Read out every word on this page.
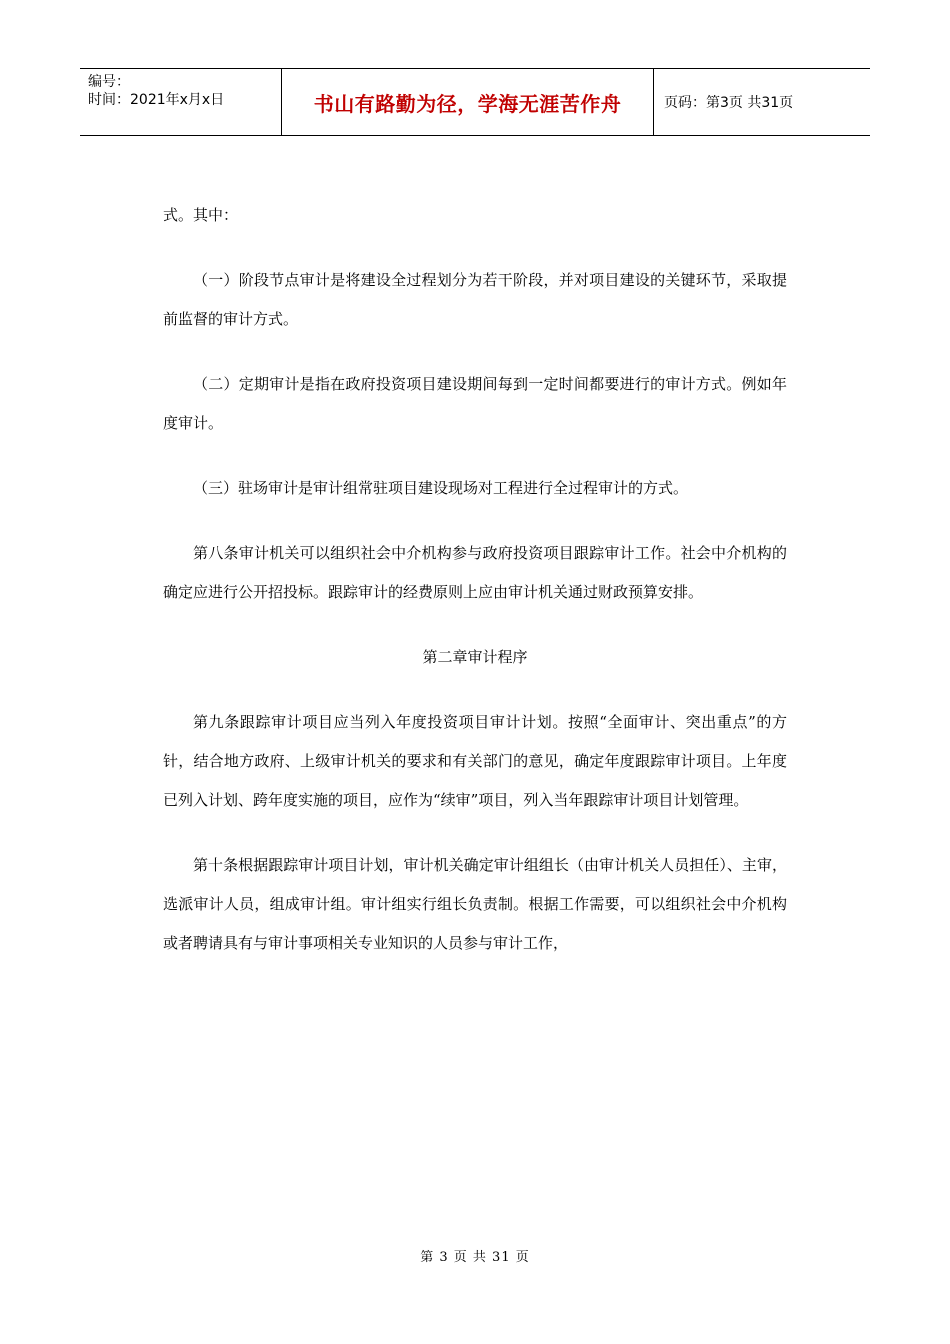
编号：
时间：2021年x月x日	书山有路勤为径，学海无涯苦作舟	页码：第3页 共31页

式。其中：

（一）阶段节点审计是将建设全过程划分为若干阶段，并对项目建设的关键环节，采取提前监督的审计方式。

（二）定期审计是指在政府投资项目建设期间每到一定时间都要进行的审计方式。例如年度审计。

（三）驻场审计是审计组常驻项目建设现场对工程进行全过程审计的方式。

第八条审计机关可以组织社会中介机构参与政府投资项目跟踪审计工作。社会中介机构的确定应进行公开招投标。跟踪审计的经费原则上应由审计机关通过财政预算安排。

第二章审计程序

第九条跟踪审计项目应当列入年度投资项目审计计划。按照“全面审计、突出重点”的方针，结合地方政府、上级审计机关的要求和有关部门的意见，确定年度跟踪审计项目。上年度已列入计划、跨年度实施的项目，应作为“续审”项目，列入当年跟踪审计项目计划管理。

第十条根据跟踪审计项目计划，审计机关确定审计组组长（由审计机关人员担任）、主审，选派审计人员，组成审计组。审计组实行组长负责制。根据工作需要，可以组织社会中介机构或者聘请具有与审计事项相关专业知识的人员参与审计工作，

第 3 页 共 31 页
